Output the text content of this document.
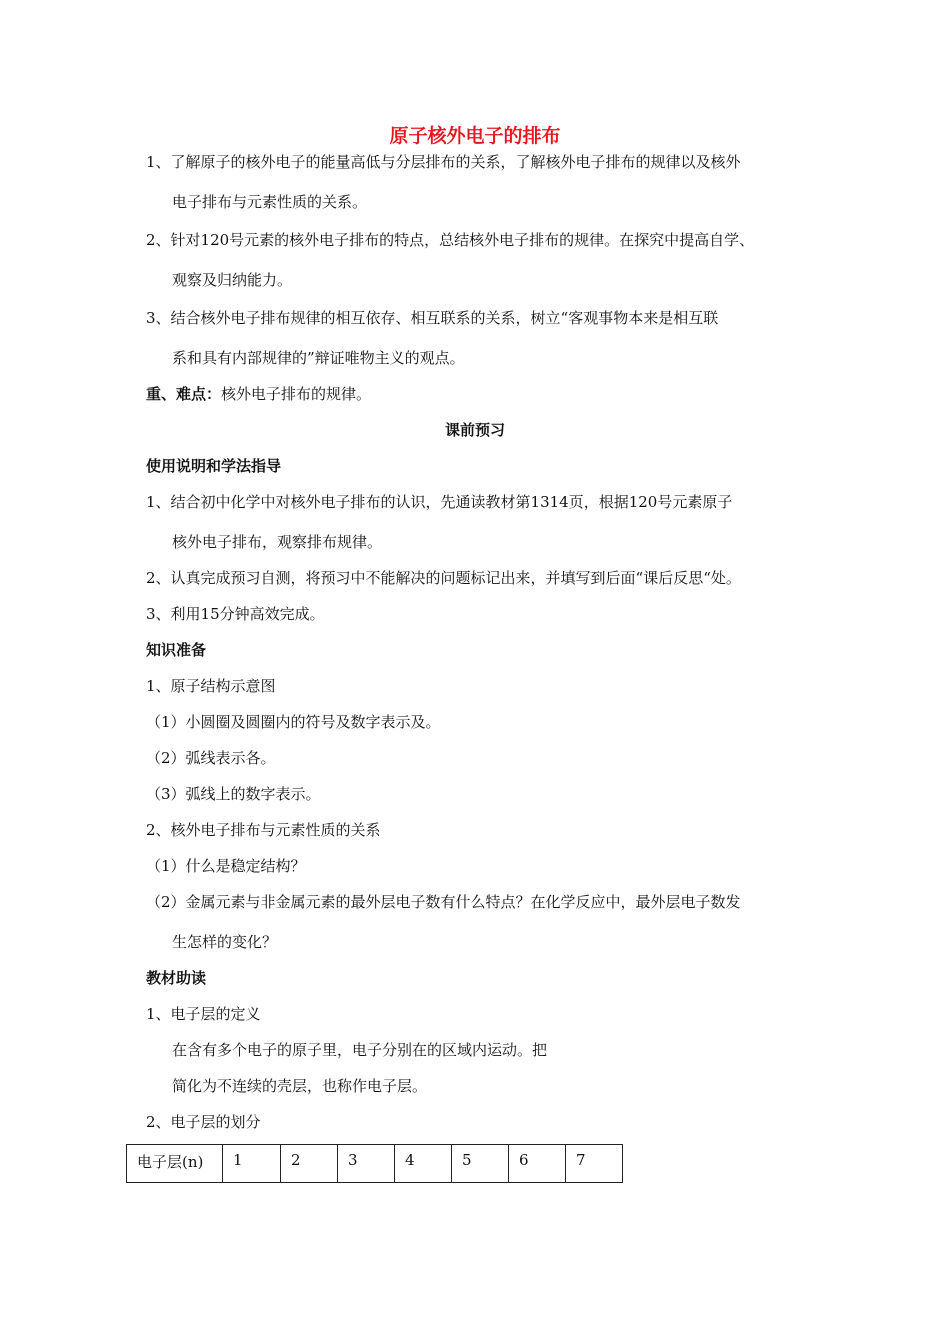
原子核外电子的排布
1、了解原子的核外电子的能量高低与分层排布的关系，了解核外电子排布的规律以及核外
电子排布与元素性质的关系。
2、针对120号元素的核外电子排布的特点，总结核外电子排布的规律。在探究中提高自学、
观察及归纳能力。
3、结合核外电子排布规律的相互依存、相互联系的关系，树立“客观事物本来是相互联
系和具有内部规律的”辩证唯物主义的观点。
重、难点：核外电子排布的规律。
课前预习
使用说明和学法指导
1、结合初中化学中对核外电子排布的认识，先通读教材第1314页，根据120号元素原子
核外电子排布，观察排布规律。
2、认真完成预习自测，将预习中不能解决的问题标记出来，并填写到后面“课后反思“处。
3、利用15分钟高效完成。
知识准备
1、原子结构示意图
（1）小圆圈及圆圈内的符号及数字表示及。
（2）弧线表示各。
（3）弧线上的数字表示。
2、核外电子排布与元素性质的关系
（1）什么是稳定结构？
（2）金属元素与非金属元素的最外层电子数有什么特点？在化学反应中，最外层电子数发
生怎样的变化？
教材助读
1、电子层的定义
在含有多个电子的原子里，电子分别在的区域内运动。把
简化为不连续的壳层，也称作电子层。
2、电子层的划分
电子层(n)	1	2	3	4	5	6	7
